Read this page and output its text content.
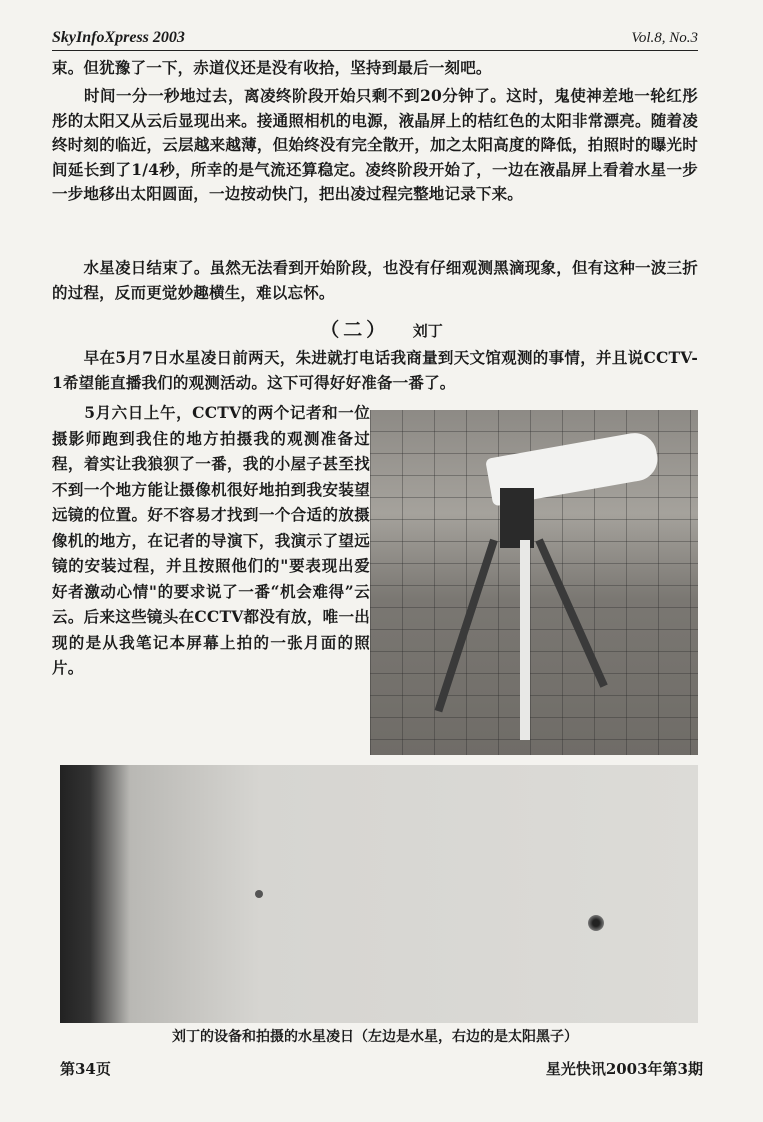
SkyInfoXpress 2003	Vol.8, No.3
束。但犹豫了一下，赤道仪还是没有收拾，坚持到最后一刻吧。
　　时间一分一秒地过去，离凌终阶段开始只剩不到20分钟了。这时，鬼使神差地一轮红彤彤的太阳又从云后显现出来。接通照相机的电源，液晶屏上的桔红色的太阳非常漂亮。随着凌终时刻的临近，云层越来越薄，但始终没有完全散开，加之太阳高度的降低，拍照时的曝光时间延长到了1/4秒，所幸的是气流还算稳定。凌终阶段开始了，一边在液晶屏上看着水星一步一步地移出太阳圆面，一边按动快门，把出凌过程完整地记录下来。
　　水星凌日结束了。虽然无法看到开始阶段，也没有仔细观测黑滴现象，但有这种一波三折的过程，反而更觉妙趣横生，难以忘怀。
（二） 刘丁
　　早在5月7日水星凌日前两天，朱进就打电话我商量到天文馆观测的事情，并且说CCTV-1希望能直播我们的观测活动。这下可得好好准备一番了。
　　5月六日上午，CCTV的两个记者和一位摄影师跑到我住的地方拍摄我的观测准备过程，着实让我狼狈了一番，我的小屋子甚至找不到一个地方能让摄像机很好地拍到我安装望远镜的位置。好不容易才找到一个合适的放摄像机的地方，在记者的导演下，我演示了望远镜的安装过程，并且按照他们的"要表现出爱好者激动心情"的要求说了一番“机会难得”云云。后来这些镜头在CCTV都没有放，唯一出现的是从我笔记本屏幕上拍的一张月面的照片。
刘丁的设备和拍摄的水星凌日（左边是水星，右边的是太阳黑子）
第34页	星光快讯2003年第3期
